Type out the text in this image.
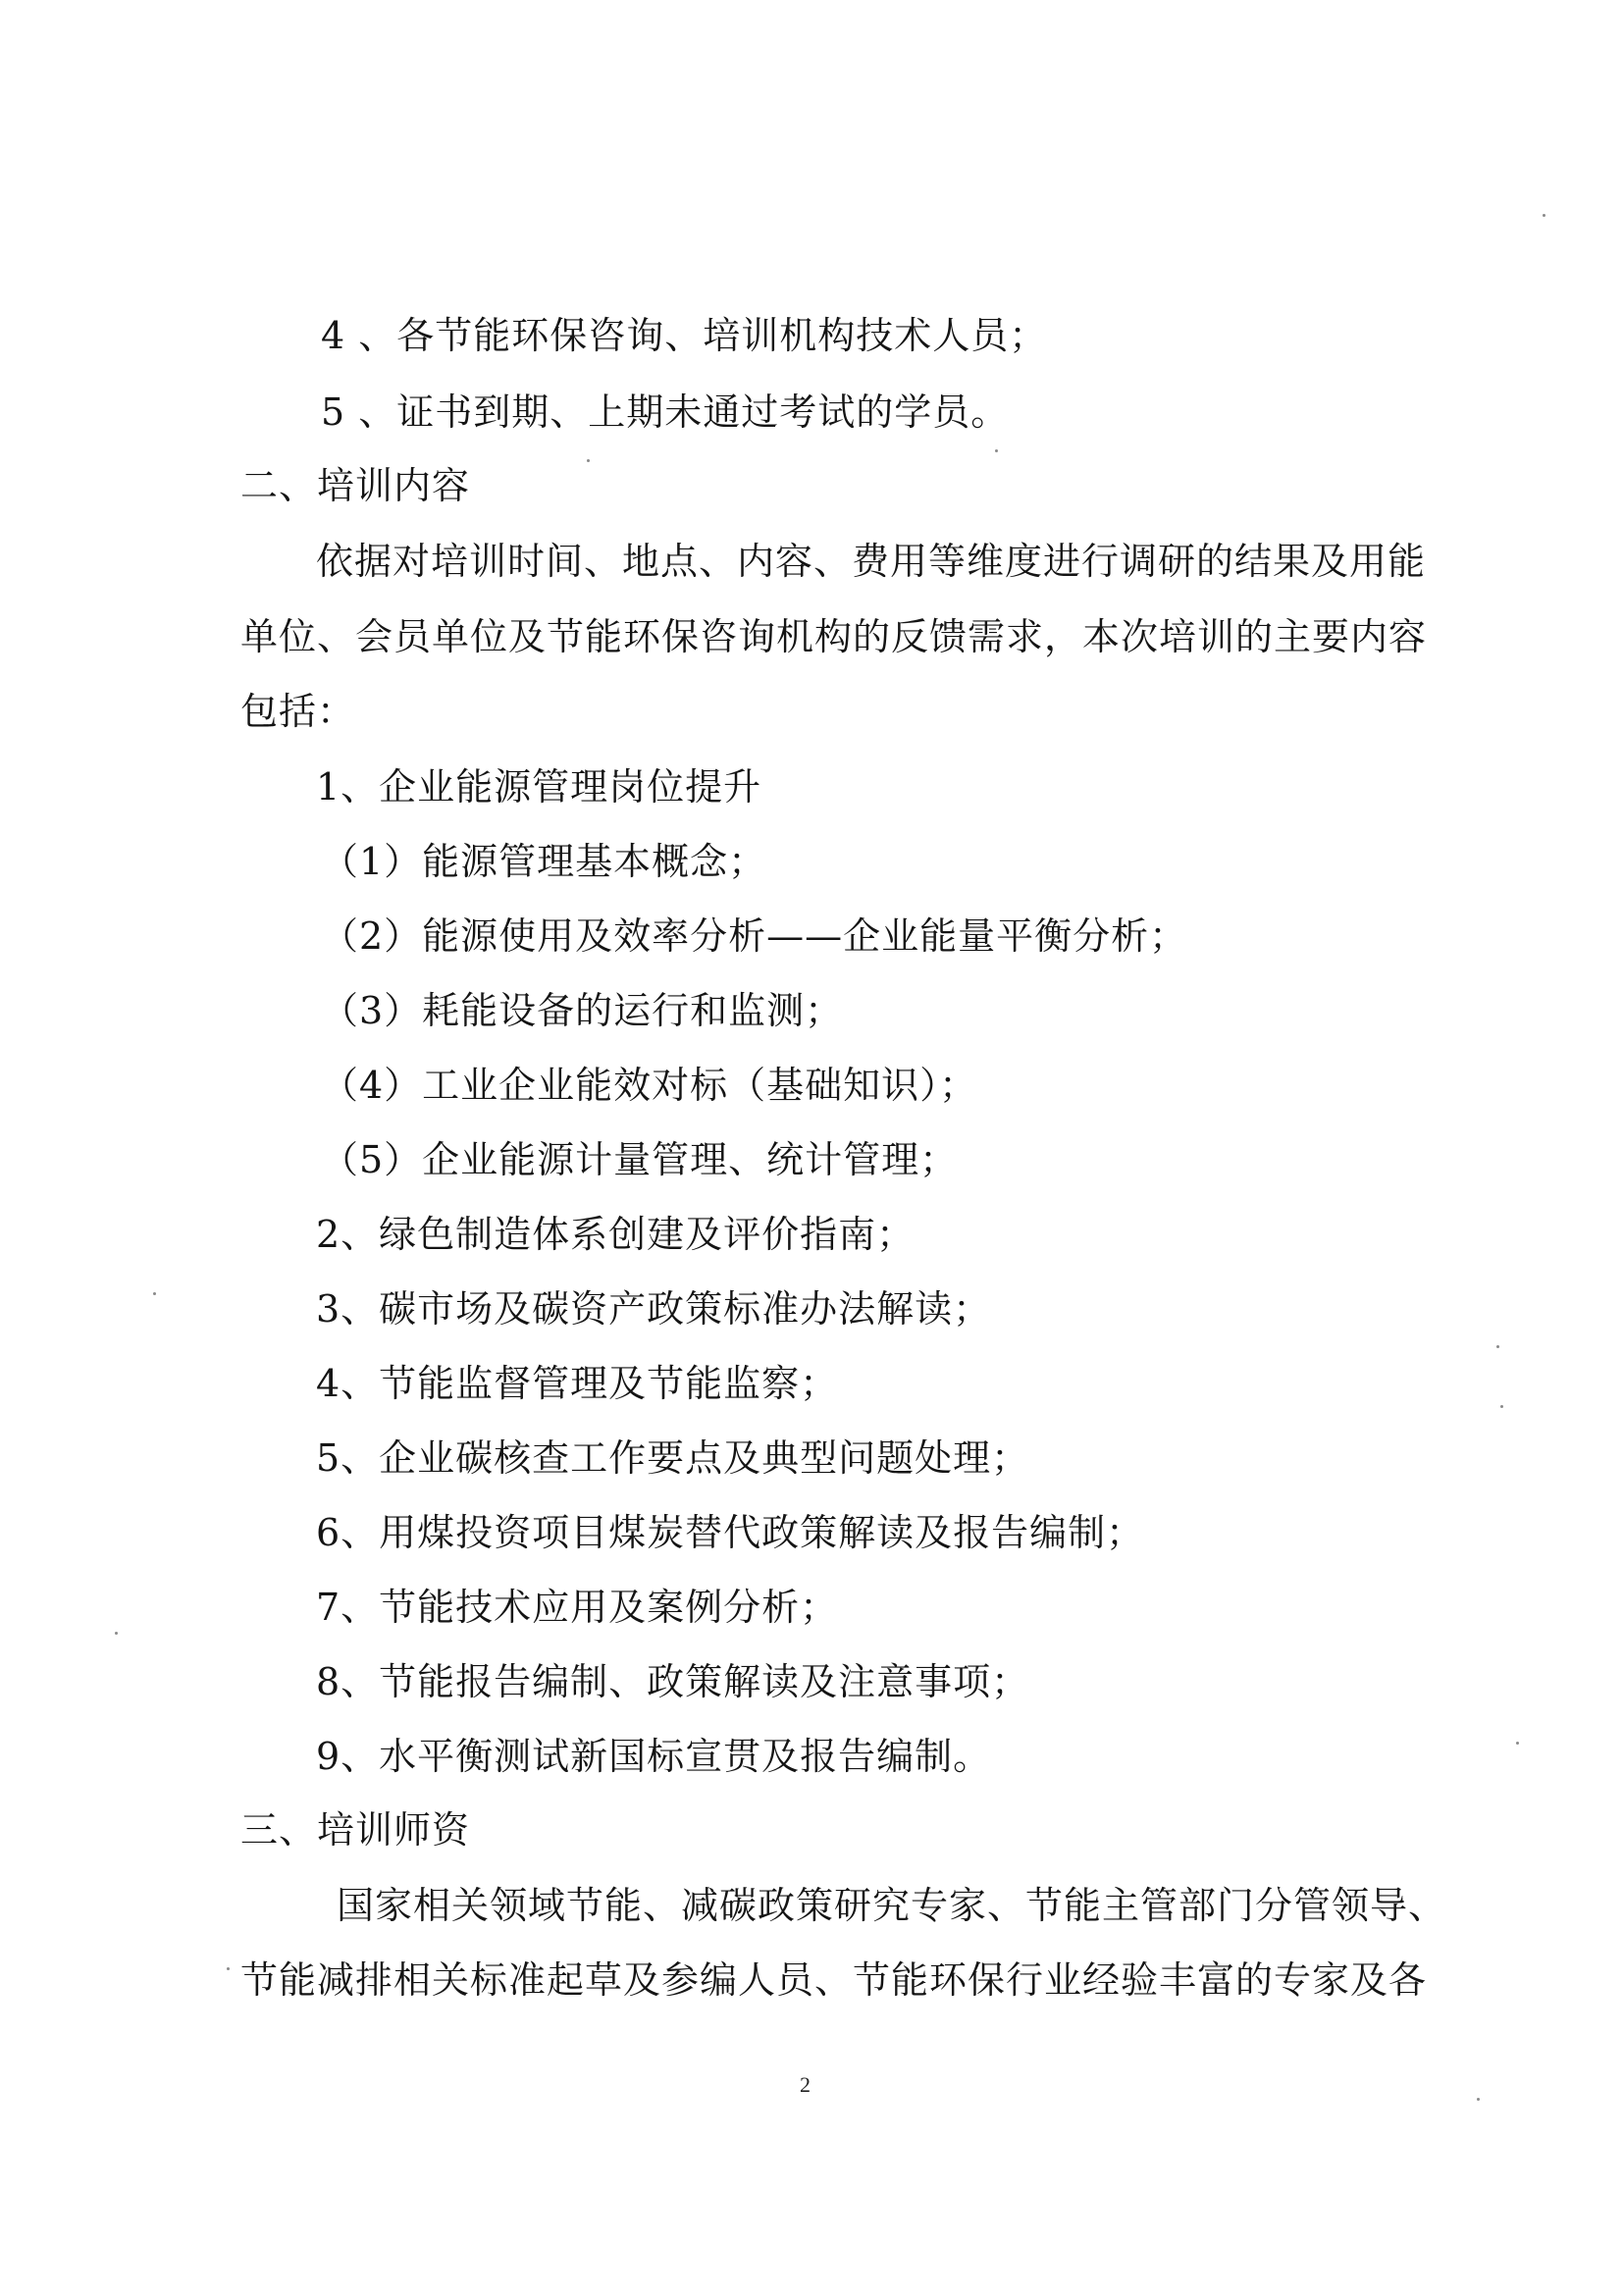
4 、各节能环保咨询、培训机构技术人员；
5 、证书到期、上期未通过考试的学员。
二、培训内容
依据对培训时间、地点、内容、费用等维度进行调研的结果及用能
单位、会员单位及节能环保咨询机构的反馈需求，本次培训的主要内容
包括：
1、企业能源管理岗位提升
（1）能源管理基本概念；
（2）能源使用及效率分析——企业能量平衡分析；
（3）耗能设备的运行和监测；
（4）工业企业能效对标（基础知识）；
（5）企业能源计量管理、统计管理；
2、绿色制造体系创建及评价指南；
3、碳市场及碳资产政策标准办法解读；
4、节能监督管理及节能监察；
5、企业碳核查工作要点及典型问题处理；
6、用煤投资项目煤炭替代政策解读及报告编制；
7、节能技术应用及案例分析；
8、节能报告编制、政策解读及注意事项；
9、水平衡测试新国标宣贯及报告编制。
三、培训师资
国家相关领域节能、减碳政策研究专家、节能主管部门分管领导、
节能减排相关标准起草及参编人员、节能环保行业经验丰富的专家及各
2
